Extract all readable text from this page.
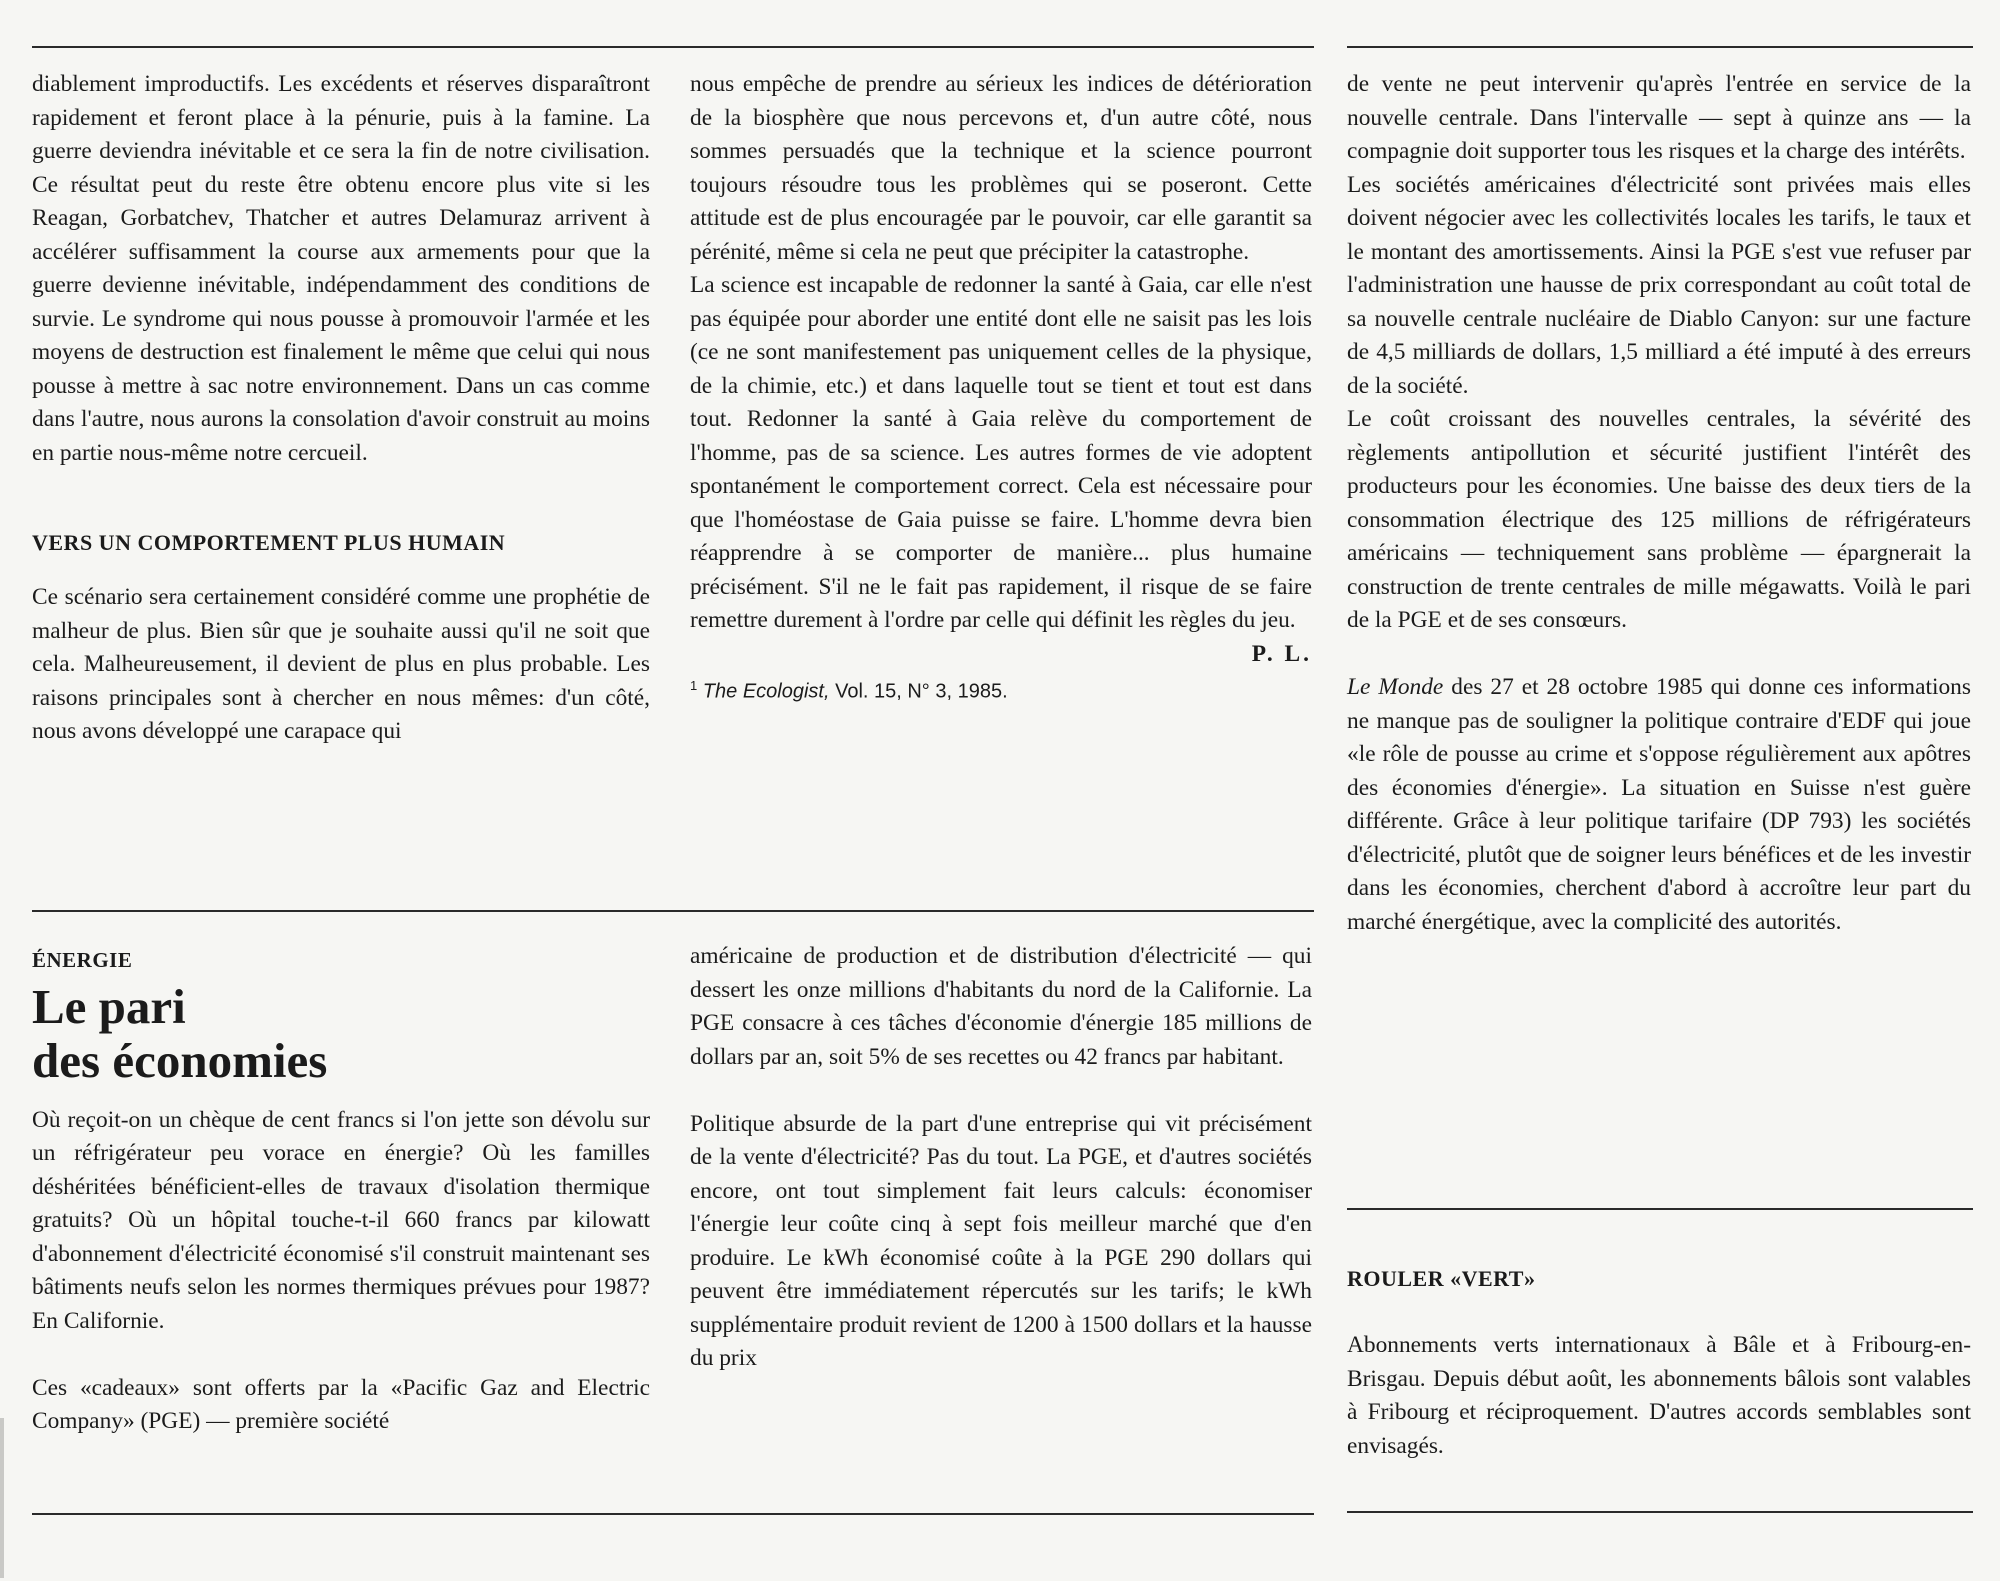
diablement improductifs. Les excédents et réserves disparaîtront rapidement et feront place à la pénurie, puis à la famine. La guerre deviendra inévitable et ce sera la fin de notre civilisation. Ce résultat peut du reste être obtenu encore plus vite si les Reagan, Gorbatchev, Thatcher et autres Delamuraz arrivent à accélérer suffisamment la course aux armements pour que la guerre devienne inévitable, indépendamment des conditions de survie. Le syndrome qui nous pousse à promouvoir l'armée et les moyens de destruction est finalement le même que celui qui nous pousse à mettre à sac notre environnement. Dans un cas comme dans l'autre, nous aurons la consolation d'avoir construit au moins en partie nous-même notre cercueil.

VERS UN COMPORTEMENT PLUS HUMAIN

Ce scénario sera certainement considéré comme une prophétie de malheur de plus. Bien sûr que je souhaite aussi qu'il ne soit que cela. Malheureusement, il devient de plus en plus probable. Les raisons principales sont à chercher en nous mêmes: d'un côté, nous avons développé une carapace qui

nous empêche de prendre au sérieux les indices de détérioration de la biosphère que nous percevons et, d'un autre côté, nous sommes persuadés que la technique et la science pourront toujours résoudre tous les problèmes qui se poseront. Cette attitude est de plus encouragée par le pouvoir, car elle garantit sa pérénité, même si cela ne peut que précipiter la catastrophe.

La science est incapable de redonner la santé à Gaia, car elle n'est pas équipée pour aborder une entité dont elle ne saisit pas les lois (ce ne sont manifestement pas uniquement celles de la physique, de la chimie, etc.) et dans laquelle tout se tient et tout est dans tout. Redonner la santé à Gaia relève du comportement de l'homme, pas de sa science. Les autres formes de vie adoptent spontanément le comportement correct. Cela est nécessaire pour que l'homéostase de Gaia puisse se faire. L'homme devra bien réapprendre à se comporter de manière... plus humaine précisément. S'il ne le fait pas rapidement, il risque de se faire remettre durement à l'ordre par celle qui définit les règles du jeu.

P. L.

$^1$ The Ecologist, Vol. 15, N° 3, 1985.

ÉNERGIE

Le pari
des économies

Où reçoit-on un chèque de cent francs si l'on jette son dévolu sur un réfrigérateur peu vorace en énergie? Où les familles déshéritées bénéficient-elles de travaux d'isolation thermique gratuits? Où un hôpital touche-t-il 660 francs par kilowatt d'abonnement d'électricité économisé s'il construit maintenant ses bâtiments neufs selon les normes thermiques prévues pour 1987? En Californie.

Ces «cadeaux» sont offerts par la «Pacific Gaz and Electric Company» (PGE) — première société

américaine de production et de distribution d'électricité — qui dessert les onze millions d'habitants du nord de la Californie. La PGE consacre à ces tâches d'économie d'énergie 185 millions de dollars par an, soit 5% de ses recettes ou 42 francs par habitant.

Politique absurde de la part d'une entreprise qui vit précisément de la vente d'électricité? Pas du tout. La PGE, et d'autres sociétés encore, ont tout simplement fait leurs calculs: économiser l'énergie leur coûte cinq à sept fois meilleur marché que d'en produire. Le kWh économisé coûte à la PGE 290 dollars qui peuvent être immédiatement répercutés sur les tarifs; le kWh supplémentaire produit revient de 1200 à 1500 dollars et la hausse du prix

de vente ne peut intervenir qu'après l'entrée en service de la nouvelle centrale. Dans l'intervalle — sept à quinze ans — la compagnie doit supporter tous les risques et la charge des intérêts.

Les sociétés américaines d'électricité sont privées mais elles doivent négocier avec les collectivités locales les tarifs, le taux et le montant des amortissements. Ainsi la PGE s'est vue refuser par l'administration une hausse de prix correspondant au coût total de sa nouvelle centrale nucléaire de Diablo Canyon: sur une facture de 4,5 milliards de dollars, 1,5 milliard a été imputé à des erreurs de la société.

Le coût croissant des nouvelles centrales, la sévérité des règlements antipollution et sécurité justifient l'intérêt des producteurs pour les économies. Une baisse des deux tiers de la consommation électrique des 125 millions de réfrigérateurs américains — techniquement sans problème — épargnerait la construction de trente centrales de mille mégawatts. Voilà le pari de la PGE et de ses consœurs.

Le Monde des 27 et 28 octobre 1985 qui donne ces informations ne manque pas de souligner la politique contraire d'EDF qui joue «le rôle de pousse au crime et s'oppose régulièrement aux apôtres des économies d'énergie». La situation en Suisse n'est guère différente. Grâce à leur politique tarifaire (DP 793) les sociétés d'électricité, plutôt que de soigner leurs bénéfices et de les investir dans les économies, cherchent d'abord à accroître leur part du marché énergétique, avec la complicité des autorités.

ROULER «VERT»

Abonnements verts internationaux à Bâle et à Fribourg-en-Brisgau. Depuis début août, les abonnements bâlois sont valables à Fribourg et réciproquement. D'autres accords semblables sont envisagés.
